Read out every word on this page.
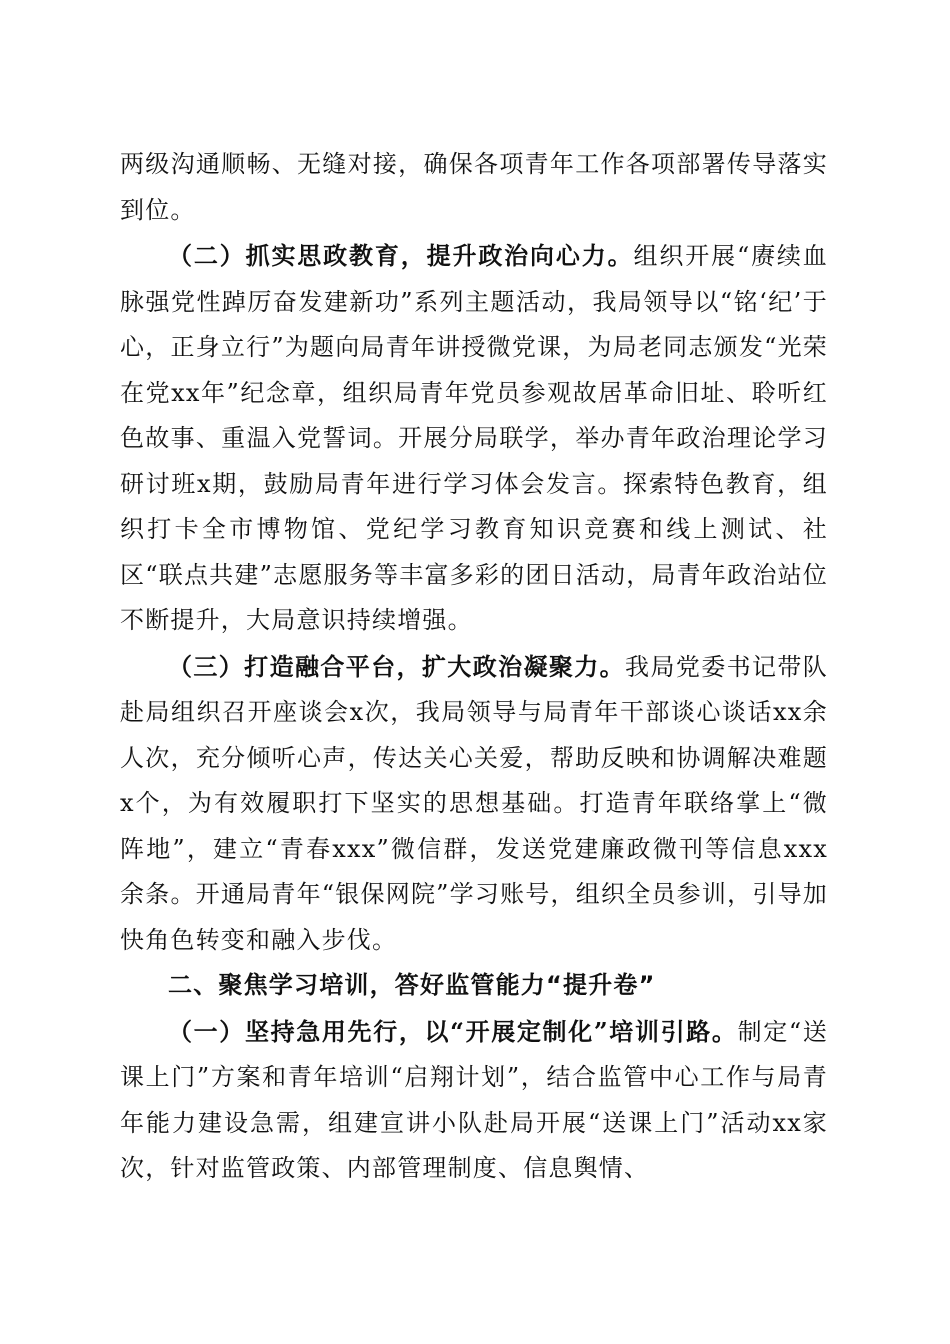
两级沟通顺畅、无缝对接，确保各项青年工作各项部署传导落实到位。

（二）抓实思政教育，提升政治向心力。组织开展“赓续血脉强党性踔厉奋发建新功”系列主题活动，我局领导以“铭‘纪’于心，正身立行”为题向局青年讲授微党课，为局老同志颁发“光荣在党xx年”纪念章，组织局青年党员参观故居革命旧址、聆听红色故事、重温入党誓词。开展分局联学，举办青年政治理论学习研讨班x期，鼓励局青年进行学习体会发言。探索特色教育，组织打卡全市博物馆、党纪学习教育知识竞赛和线上测试、社区“联点共建”志愿服务等丰富多彩的团日活动，局青年政治站位不断提升，大局意识持续增强。

（三）打造融合平台，扩大政治凝聚力。我局党委书记带队赴局组织召开座谈会x次，我局领导与局青年干部谈心谈话xx余人次，充分倾听心声，传达关心关爱，帮助反映和协调解决难题x个，为有效履职打下坚实的思想基础。打造青年联络掌上“微阵地”，建立“青春xxx”微信群，发送党建廉政微刊等信息xxx余条。开通局青年“银保网院”学习账号，组织全员参训，引导加快角色转变和融入步伐。

二、聚焦学习培训，答好监管能力“提升卷”

（一）坚持急用先行，以“开展定制化”培训引路。制定“送课上门”方案和青年培训“启翔计划”，结合监管中心工作与局青年能力建设急需，组建宣讲小队赴局开展“送课上门”活动xx家次，针对监管政策、内部管理制度、信息舆情、
